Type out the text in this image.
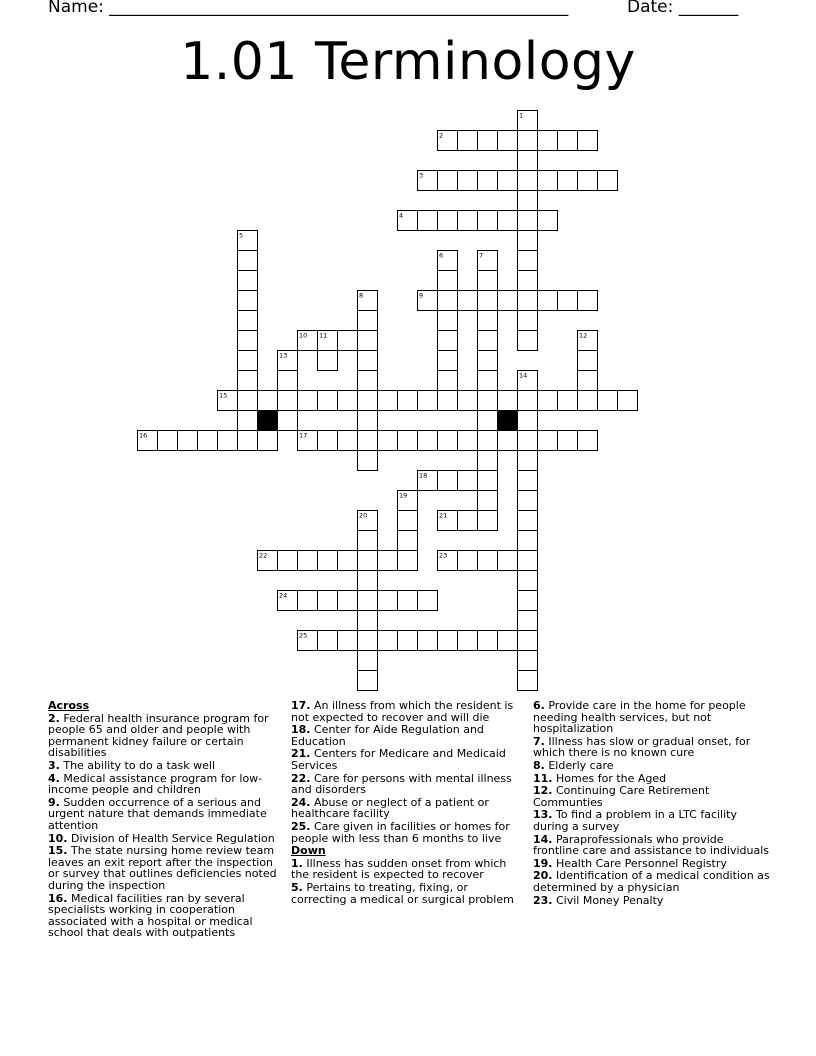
Name: ______________________________________________________	Date: _______
1.01 Terminology
1
2
3
4
5
6	7
8	9
10 11	12
13
14
15
16	17
18
19
20	21
22	23
24
25
Across
2. Federal health insurance program for people 65 and older and people with permanent kidney failure or certain disabilities
3. The ability to do a task well
4. Medical assistance program for low-income people and children
9. Sudden occurrence of a serious and urgent nature that demands immediate attention
10. Division of Health Service Regulation
15. The state nursing home review team leaves an exit report after the inspection or survey that outlines deficiencies noted during the inspection
16. Medical facilities ran by several specialists working in cooperation associated with a hospital or medical school that deals with outpatients
17. An illness from which the resident is not expected to recover and will die
18. Center for Aide Regulation and Education
21. Centers for Medicare and Medicaid Services
22. Care for persons with mental illness and disorders
24. Abuse or neglect of a patient or healthcare facility
25. Care given in facilities or homes for people with less than 6 months to live
Down
1. Illness has sudden onset from which the resident is expected to recover
5. Pertains to treating, fixing, or correcting a medical or surgical problem
6. Provide care in the home for people needing health services, but not hospitalization
7. Illness has slow or gradual onset, for which there is no known cure
8. Elderly care
11. Homes for the Aged
12. Continuing Care Retirement Communties
13. To find a problem in a LTC facility during a survey
14. Paraprofessionals who provide frontline care and assistance to individuals
19. Health Care Personnel Registry
20. Identification of a medical condition as determined by a physician
23. Civil Money Penalty
